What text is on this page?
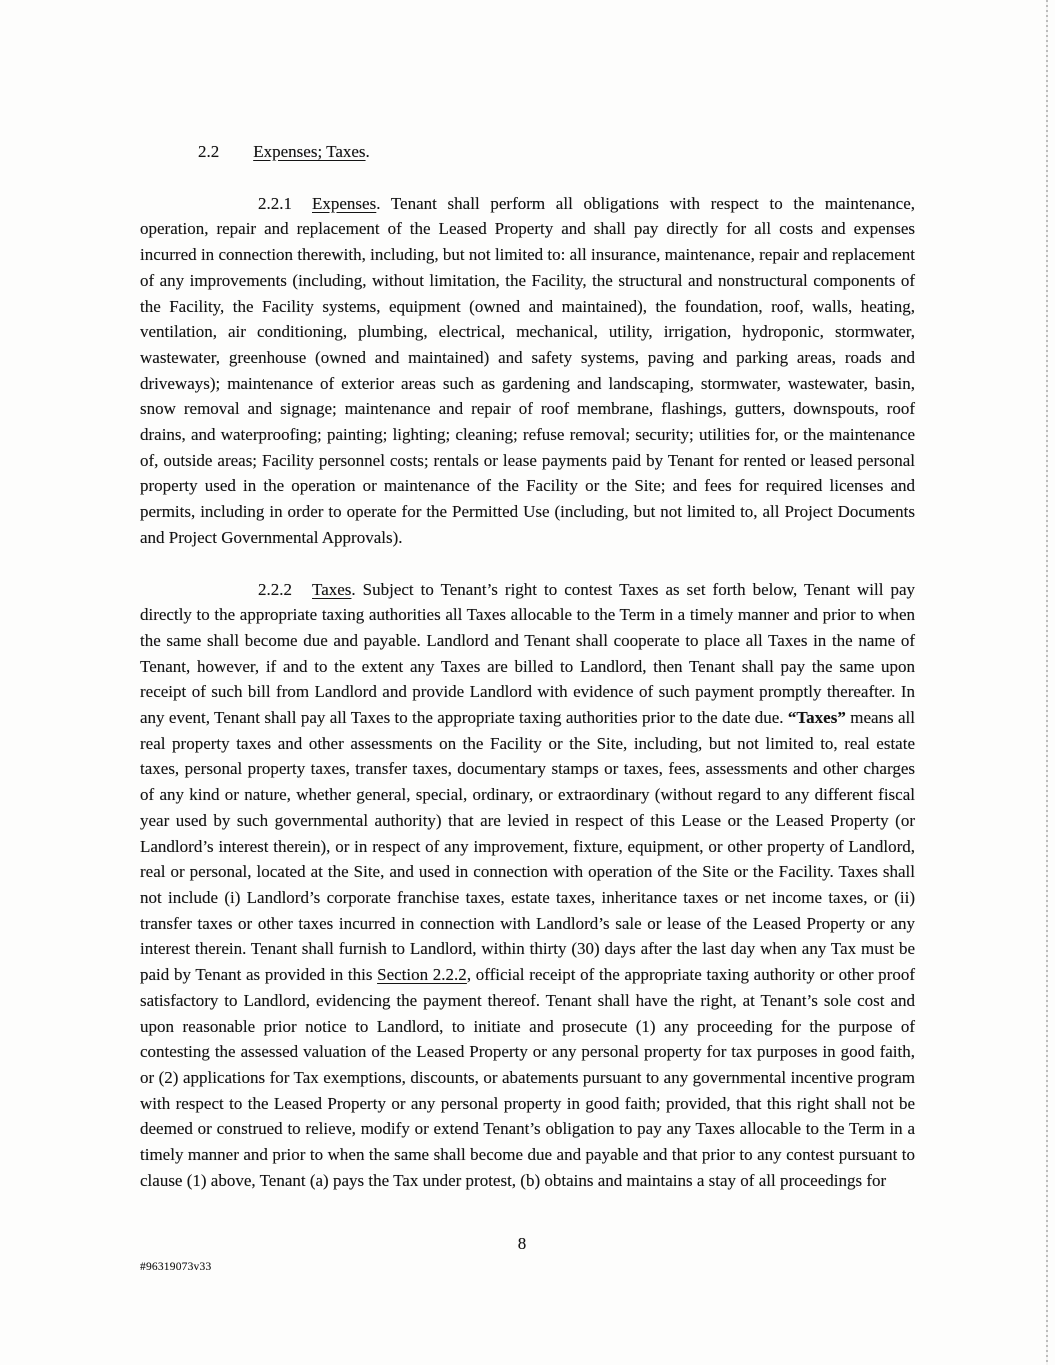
2.2 Expenses; Taxes.

2.2.1 Expenses. Tenant shall perform all obligations with respect to the maintenance, operation, repair and replacement of the Leased Property and shall pay directly for all costs and expenses incurred in connection therewith, including, but not limited to: all insurance, maintenance, repair and replacement of any improvements (including, without limitation, the Facility, the structural and nonstructural components of the Facility, the Facility systems, equipment (owned and maintained), the foundation, roof, walls, heating, ventilation, air conditioning, plumbing, electrical, mechanical, utility, irrigation, hydroponic, stormwater, wastewater, greenhouse (owned and maintained) and safety systems, paving and parking areas, roads and driveways); maintenance of exterior areas such as gardening and landscaping, stormwater, wastewater, basin, snow removal and signage; maintenance and repair of roof membrane, flashings, gutters, downspouts, roof drains, and waterproofing; painting; lighting; cleaning; refuse removal; security; utilities for, or the maintenance of, outside areas; Facility personnel costs; rentals or lease payments paid by Tenant for rented or leased personal property used in the operation or maintenance of the Facility or the Site; and fees for required licenses and permits, including in order to operate for the Permitted Use (including, but not limited to, all Project Documents and Project Governmental Approvals).

2.2.2 Taxes. Subject to Tenant’s right to contest Taxes as set forth below, Tenant will pay directly to the appropriate taxing authorities all Taxes allocable to the Term in a timely manner and prior to when the same shall become due and payable. Landlord and Tenant shall cooperate to place all Taxes in the name of Tenant, however, if and to the extent any Taxes are billed to Landlord, then Tenant shall pay the same upon receipt of such bill from Landlord and provide Landlord with evidence of such payment promptly thereafter. In any event, Tenant shall pay all Taxes to the appropriate taxing authorities prior to the date due. “Taxes” means all real property taxes and other assessments on the Facility or the Site, including, but not limited to, real estate taxes, personal property taxes, transfer taxes, documentary stamps or taxes, fees, assessments and other charges of any kind or nature, whether general, special, ordinary, or extraordinary (without regard to any different fiscal year used by such governmental authority) that are levied in respect of this Lease or the Leased Property (or Landlord’s interest therein), or in respect of any improvement, fixture, equipment, or other property of Landlord, real or personal, located at the Site, and used in connection with operation of the Site or the Facility. Taxes shall not include (i) Landlord’s corporate franchise taxes, estate taxes, inheritance taxes or net income taxes, or (ii) transfer taxes or other taxes incurred in connection with Landlord’s sale or lease of the Leased Property or any interest therein. Tenant shall furnish to Landlord, within thirty (30) days after the last day when any Tax must be paid by Tenant as provided in this Section 2.2.2, official receipt of the appropriate taxing authority or other proof satisfactory to Landlord, evidencing the payment thereof. Tenant shall have the right, at Tenant’s sole cost and upon reasonable prior notice to Landlord, to initiate and prosecute (1) any proceeding for the purpose of contesting the assessed valuation of the Leased Property or any personal property for tax purposes in good faith, or (2) applications for Tax exemptions, discounts, or abatements pursuant to any governmental incentive program with respect to the Leased Property or any personal property in good faith; provided, that this right shall not be deemed or construed to relieve, modify or extend Tenant’s obligation to pay any Taxes allocable to the Term in a timely manner and prior to when the same shall become due and payable and that prior to any contest pursuant to clause (1) above, Tenant (a) pays the Tax under protest, (b) obtains and maintains a stay of all proceedings for

8
#96319073v33
